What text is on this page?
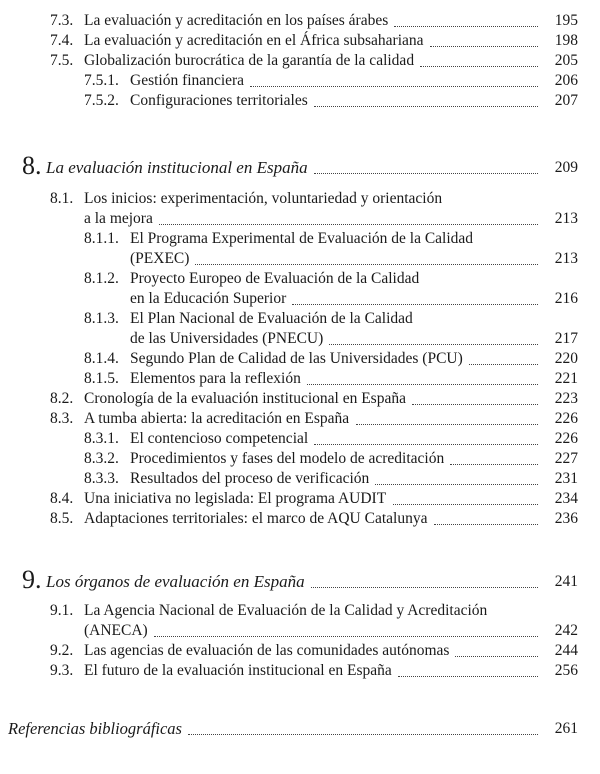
7.3. La evaluación y acreditación en los países árabes	195
7.4. La evaluación y acreditación en el África subsahariana	198
7.5. Globalización burocrática de la garantía de la calidad	205
7.5.1. Gestión financiera	206
7.5.2. Configuraciones territoriales	207
8. La evaluación institucional en España	209
8.1. Los inicios: experimentación, voluntariedad y orientación
a la mejora	213
8.1.1. El Programa Experimental de Evaluación de la Calidad
(PEXEC)	213
8.1.2. Proyecto Europeo de Evaluación de la Calidad
en la Educación Superior	216
8.1.3. El Plan Nacional de Evaluación de la Calidad
de las Universidades (PNECU)	217
8.1.4. Segundo Plan de Calidad de las Universidades (PCU)	220
8.1.5. Elementos para la reflexión	221
8.2. Cronología de la evaluación institucional en España	223
8.3. A tumba abierta: la acreditación en España	226
8.3.1. El contencioso competencial	226
8.3.2. Procedimientos y fases del modelo de acreditación	227
8.3.3. Resultados del proceso de verificación	231
8.4. Una iniciativa no legislada: El programa AUDIT	234
8.5. Adaptaciones territoriales: el marco de AQU Catalunya	236
9. Los órganos de evaluación en España	241
9.1. La Agencia Nacional de Evaluación de la Calidad y Acreditación
(ANECA)	242
9.2. Las agencias de evaluación de las comunidades autónomas	244
9.3. El futuro de la evaluación institucional en España	256
Referencias bibliográficas	261
